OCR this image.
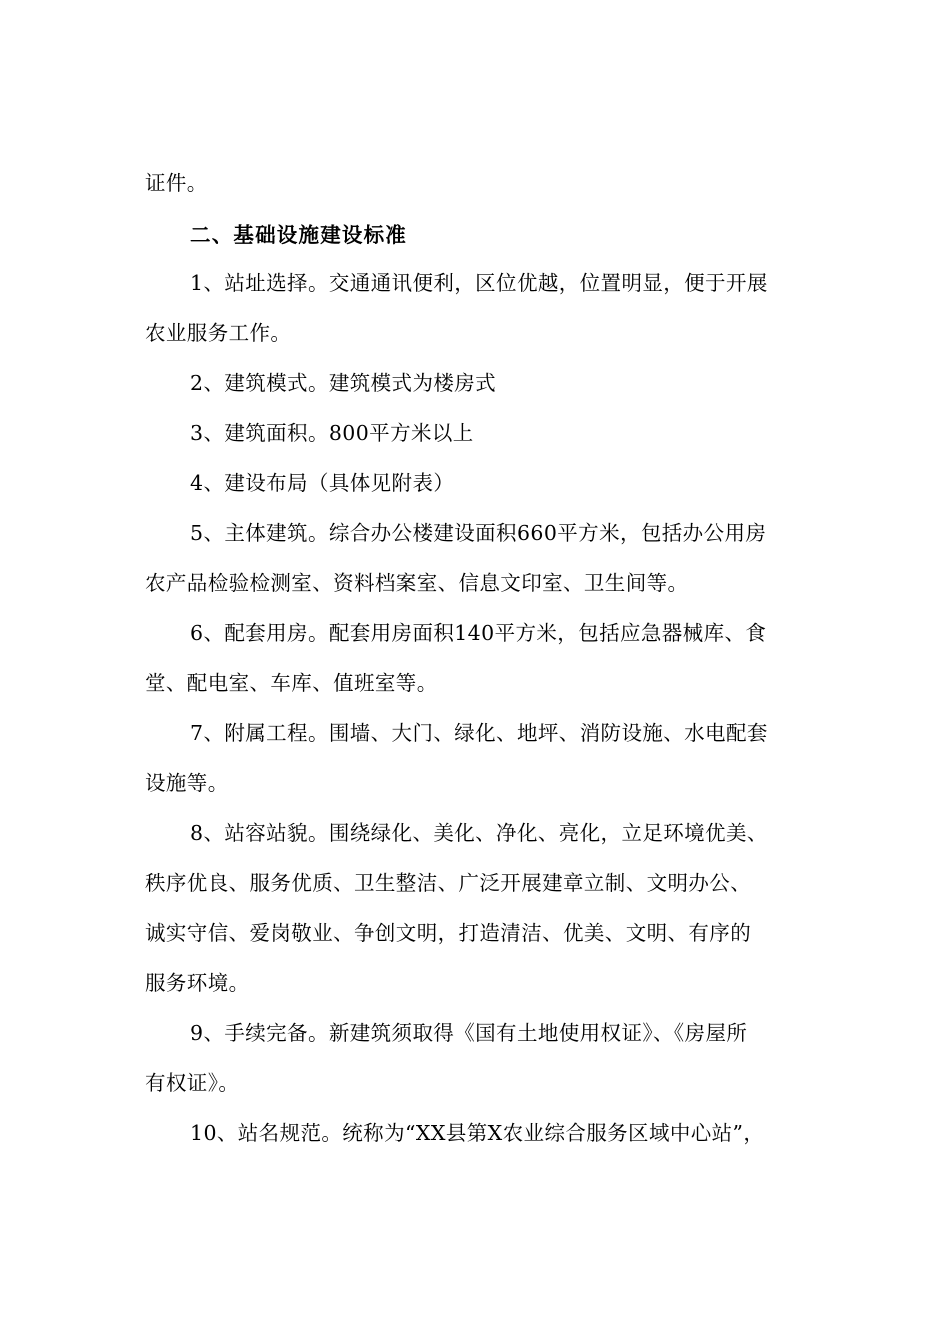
证件。
二、基础设施建设标准
1、站址选择。交通通讯便利，区位优越，位置明显，便于开展
农业服务工作。
2、建筑模式。建筑模式为楼房式
3、建筑面积。800平方米以上
4、建设布局（具体见附表）
5、主体建筑。综合办公楼建设面积660平方米，包括办公用房
农产品检验检测室、资料档案室、信息文印室、卫生间等。
6、配套用房。配套用房面积140平方米，包括应急器械库、食
堂、配电室、车库、值班室等。
7、附属工程。围墙、大门、绿化、地坪、消防设施、水电配套
设施等。
8、站容站貌。围绕绿化、美化、净化、亮化，立足环境优美、
秩序优良、服务优质、卫生整洁、广泛开展建章立制、文明办公、
诚实守信、爱岗敬业、争创文明，打造清洁、优美、文明、有序的
服务环境。
9、手续完备。新建筑须取得《国有土地使用权证》、《房屋所
有权证》。
10、站名规范。统称为“XX县第X农业综合服务区域中心站”，
